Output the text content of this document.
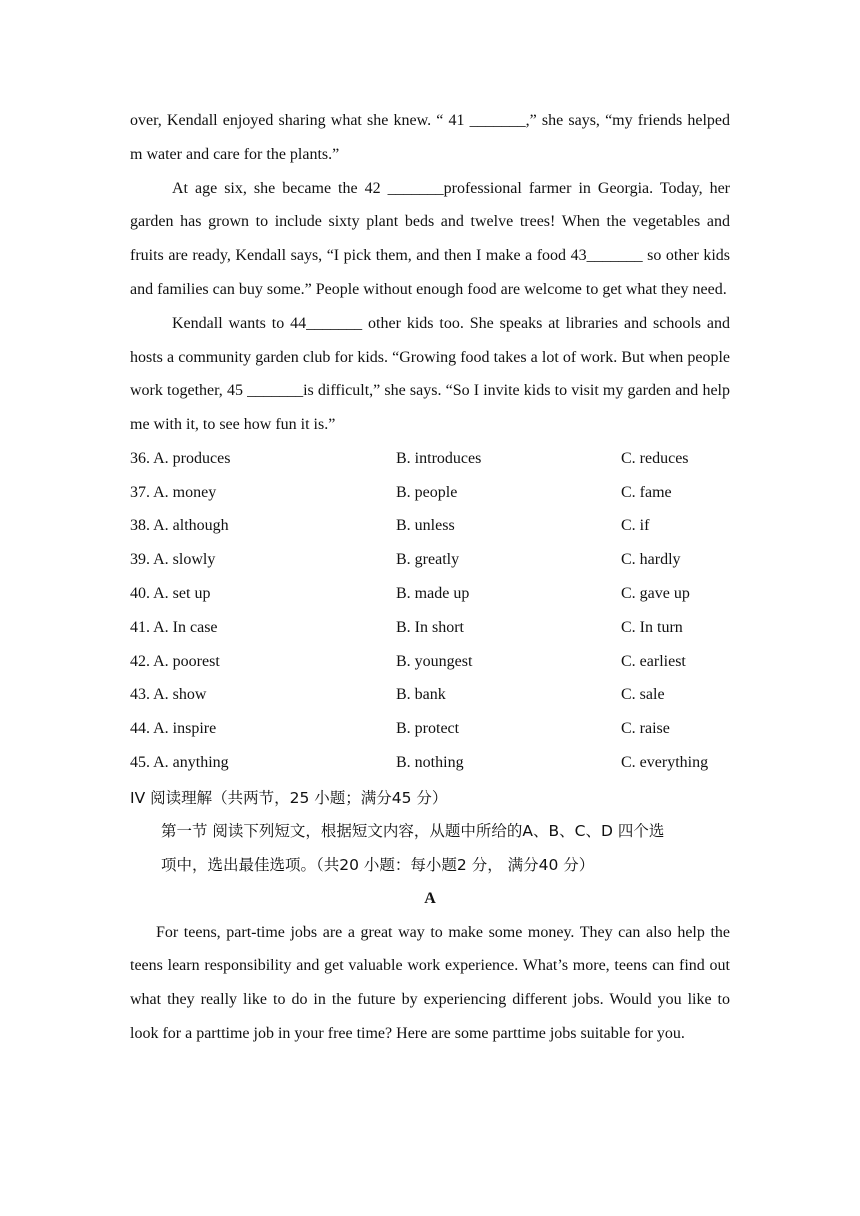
over, Kendall enjoyed sharing what she knew. “ 41 _______,” she says, “my friends helped m water and care for the plants.”

At age six, she became the 42 _______professional farmer in Georgia. Today, her garden has grown to include sixty plant beds and twelve trees! When the vegetables and fruits are ready, Kendall says, “I pick them, and then I make a food 43_______ so other kids and families can buy some.” People without enough food are welcome to get what they need.

Kendall wants to 44_______ other kids too. She speaks at libraries and schools and hosts a community garden club for kids. “Growing food takes a lot of work. But when people work together, 45 _______is difficult,” she says. “So I invite kids to visit my garden and help me with it, to see how fun it is.”

36. A. produces	B. introduces	C. reduces
37. A. money	B. people	C. fame
38. A. although	B. unless	C. if
39. A. slowly	B. greatly	C. hardly
40. A. set up	B. made up	C. gave up
41. A. In case	B. In short	C. In turn
42. A. poorest	B. youngest	C. earliest
43. A. show	B. bank	C. sale
44. A. inspire	B. protect	C. raise
45. A. anything	B. nothing	C. everything
IV 阅读理解（共两节，25 小题；满分45 分）
第一节 阅读下列短文，根据短文内容，从题中所给的A、B、C、D 四个选
项中，选出最佳选项。（共20 小题：每小题2 分， 满分40 分）
A

For teens, part-time jobs are a great way to make some money. They can also help the teens learn responsibility and get valuable work experience. What’s more, teens can find out what they really like to do in the future by experiencing different jobs. Would you like to look for a parttime job in your free time? Here are some parttime jobs suitable for you.
